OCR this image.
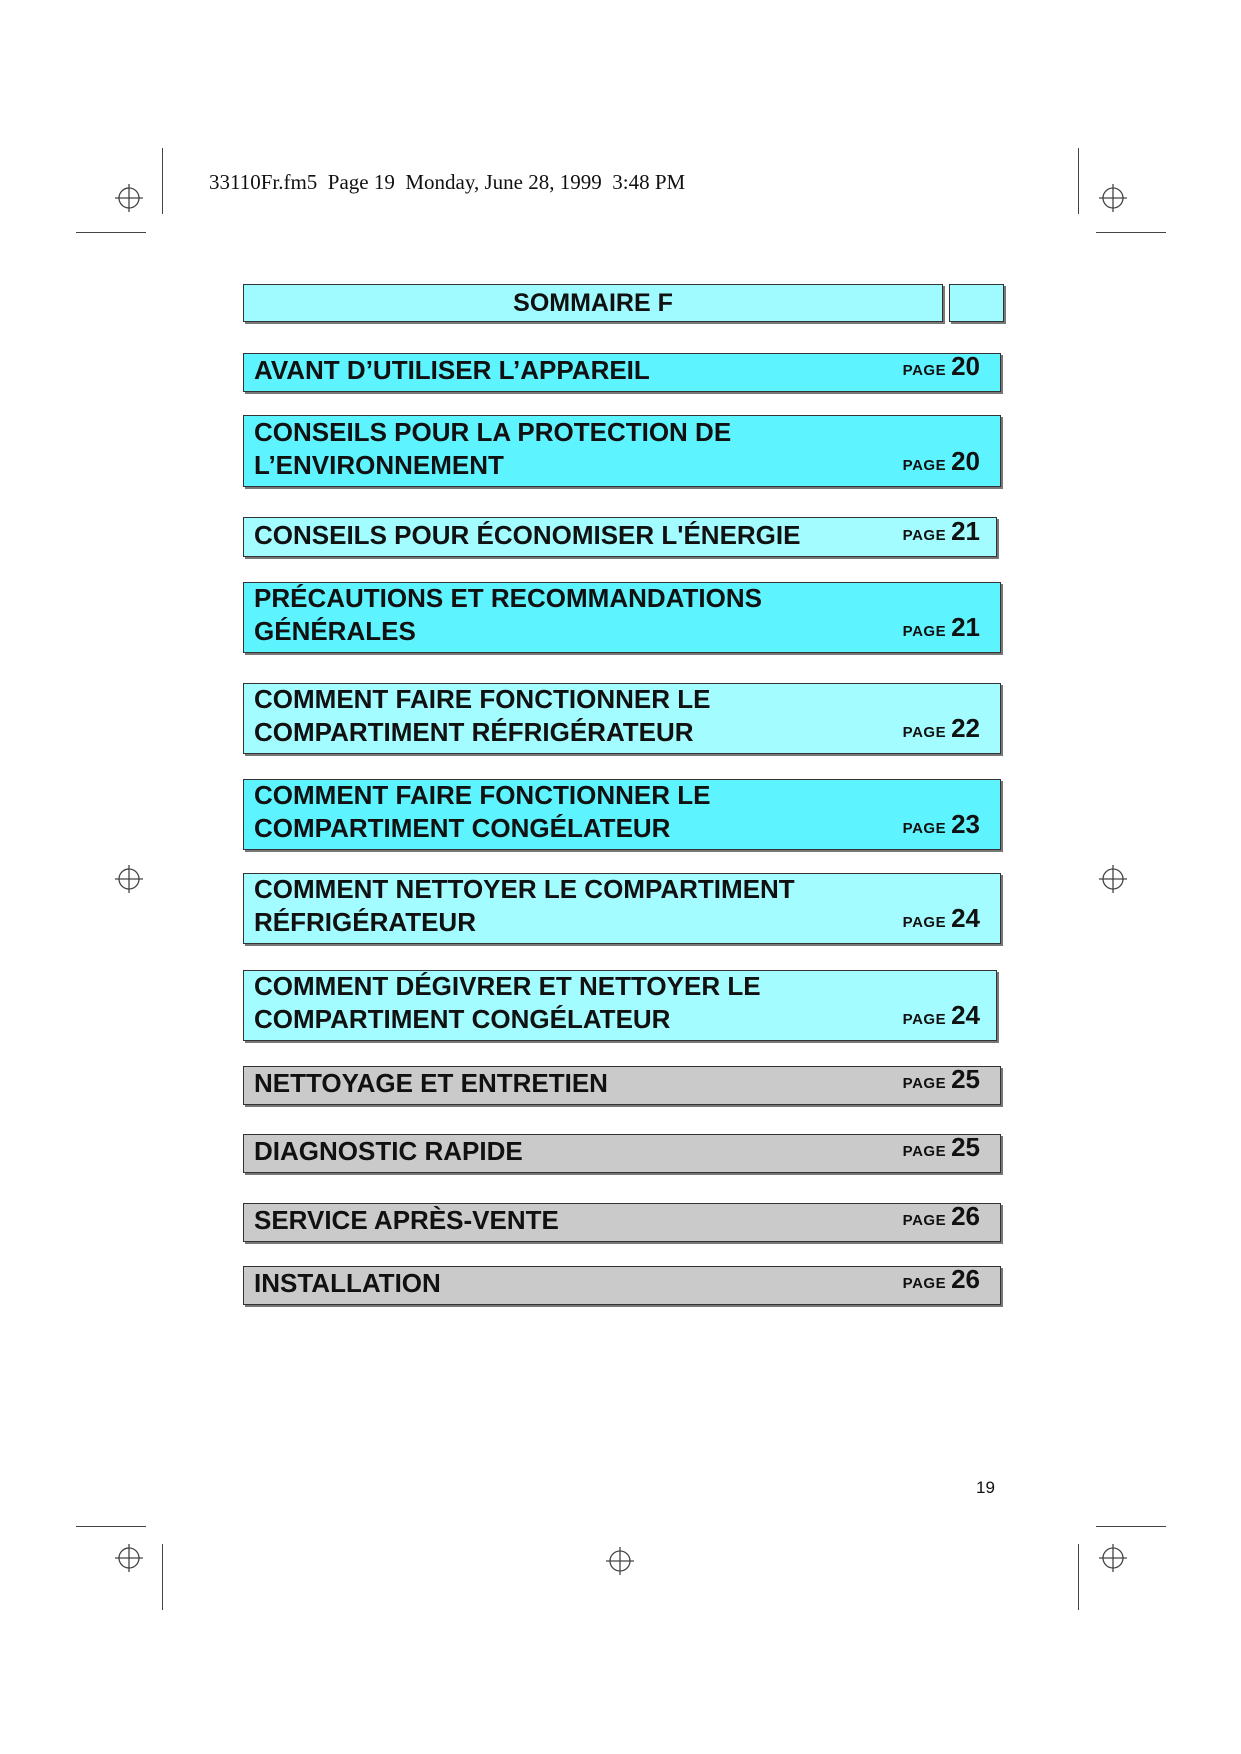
33110Fr.fm5  Page 19  Monday, June 28, 1999  3:48 PM
SOMMAIRE F
AVANT D’UTILISER L’APPAREIL	PAGE 20
CONSEILS POUR LA PROTECTION DE
L’ENVIRONNEMENT	PAGE 20
CONSEILS POUR ÉCONOMISER L'ÉNERGIE	PAGE 21
PRÉCAUTIONS ET RECOMMANDATIONS
GÉNÉRALES	PAGE 21
COMMENT FAIRE FONCTIONNER LE
COMPARTIMENT RÉFRIGÉRATEUR	PAGE 22
COMMENT FAIRE FONCTIONNER LE
COMPARTIMENT CONGÉLATEUR	PAGE 23
COMMENT NETTOYER LE COMPARTIMENT
RÉFRIGÉRATEUR	PAGE 24
COMMENT DÉGIVRER ET NETTOYER LE
COMPARTIMENT CONGÉLATEUR	PAGE 24
NETTOYAGE ET ENTRETIEN	PAGE 25
DIAGNOSTIC RAPIDE	PAGE 25
SERVICE APRÈS-VENTE	PAGE 26
INSTALLATION	PAGE 26
19
